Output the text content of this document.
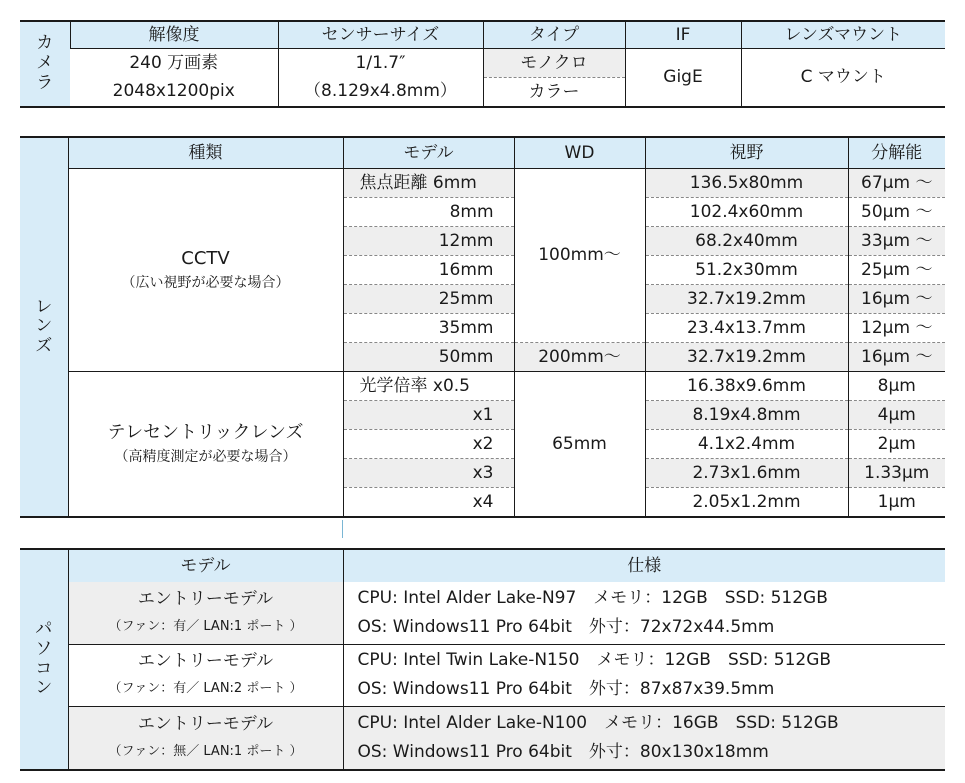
カ
メ
ラ	解像度	センサーサイズ	タイプ	IF	レンズマウント
	240 万画素	1/1.7″	モノクロ	GigE	C マウント
	2048x1200pix	（8.129x4.8mm）	カラー		
レ
ン
ズ	種類	モデル	WD	視野	分解能

	CCTV
（広い視野が必要な場合）	焦点距離 6mm	100mm〜	136.5x80mm	67μm 〜
		8mm		102.4x60mm	50μm 〜
		12mm		68.2x40mm	33μm 〜
		16mm		51.2x30mm	25μm 〜
		25mm		32.7x19.2mm	16μm 〜
		35mm		23.4x13.7mm	12μm 〜
		50mm	200mm〜	32.7x19.2mm	16μm 〜

	テレセントリックレンズ
（高精度測定が必要な場合）	光学倍率 x0.5	65mm	16.38x9.6mm	8μm
		x1		8.19x4.8mm	4μm
		x2		4.1x2.4mm	2μm
		x3		2.73x1.6mm	1.33μm
		x4		2.05x1.2mm	1μm
パ
ソ
コ
ン	モデル	仕様

	エントリーモデル
（ファン：有／ LAN:1 ポート ）	CPU: Intel Alder Lake-N97　メモリ：12GB　SSD: 512GB
OS: Windows11 Pro 64bit　外寸：72x72x44.5mm

	エントリーモデル
（ファン：有／ LAN:2 ポート ）	CPU: Intel Twin Lake-N150　メモリ：12GB　SSD: 512GB
OS: Windows11 Pro 64bit　外寸：87x87x39.5mm

	エントリーモデル
（ファン：無／ LAN:1 ポート ）	CPU: Intel Alder Lake-N100　メモリ：16GB　SSD: 512GB
OS: Windows11 Pro 64bit　外寸：80x130x18mm
